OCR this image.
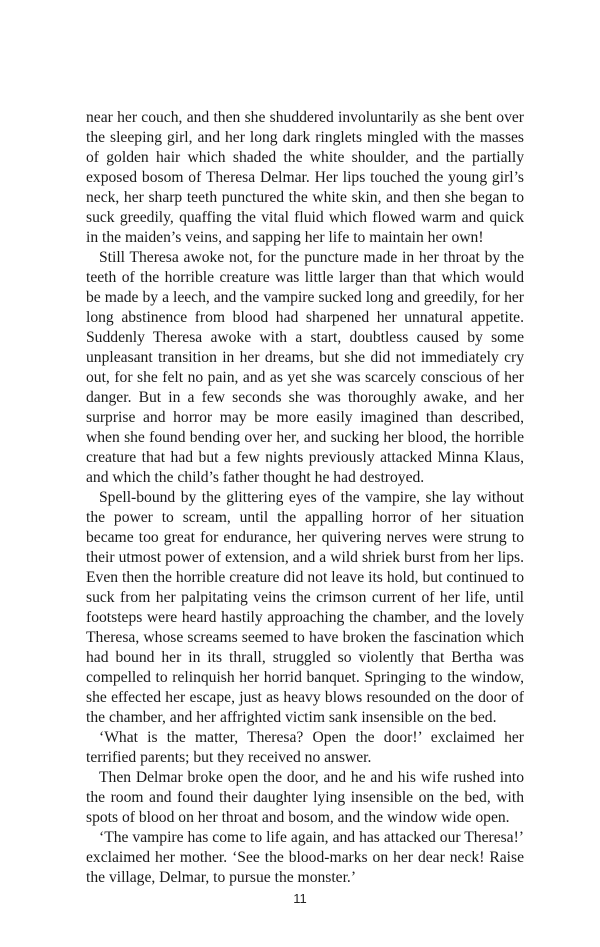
near her couch, and then she shuddered involuntarily as she bent over the sleeping girl, and her long dark ringlets mingled with the masses of golden hair which shaded the white shoulder, and the partially exposed bosom of Theresa Delmar. Her lips touched the young girl’s neck, her sharp teeth punctured the white skin, and then she began to suck greedily, quaffing the vital fluid which flowed warm and quick in the maiden’s veins, and sapping her life to maintain her own!

Still Theresa awoke not, for the puncture made in her throat by the teeth of the horrible creature was little larger than that which would be made by a leech, and the vampire sucked long and greedily, for her long abstinence from blood had sharpened her unnatural appetite. Suddenly Theresa awoke with a start, doubtless caused by some unpleasant transition in her dreams, but she did not immediately cry out, for she felt no pain, and as yet she was scarcely conscious of her danger. But in a few seconds she was thoroughly awake, and her surprise and horror may be more easily imagined than described, when she found bending over her, and sucking her blood, the horrible creature that had but a few nights previously attacked Minna Klaus, and which the child’s father thought he had destroyed.

Spell-bound by the glittering eyes of the vampire, she lay without the power to scream, until the appalling horror of her situation became too great for endurance, her quivering nerves were strung to their utmost power of extension, and a wild shriek burst from her lips. Even then the horrible creature did not leave its hold, but continued to suck from her palpitating veins the crimson current of her life, until footsteps were heard hastily approaching the chamber, and the lovely Theresa, whose screams seemed to have broken the fascination which had bound her in its thrall, struggled so violently that Bertha was compelled to relinquish her horrid banquet. Springing to the window, she effected her escape, just as heavy blows resounded on the door of the chamber, and her affrighted victim sank insensible on the bed.

‘What is the matter, Theresa? Open the door!’ exclaimed her terrified parents; but they received no answer.

Then Delmar broke open the door, and he and his wife rushed into the room and found their daughter lying insensible on the bed, with spots of blood on her throat and bosom, and the window wide open.

‘The vampire has come to life again, and has attacked our Theresa!’ exclaimed her mother. ‘See the blood-marks on her dear neck! Raise the village, Delmar, to pursue the monster.’

11
